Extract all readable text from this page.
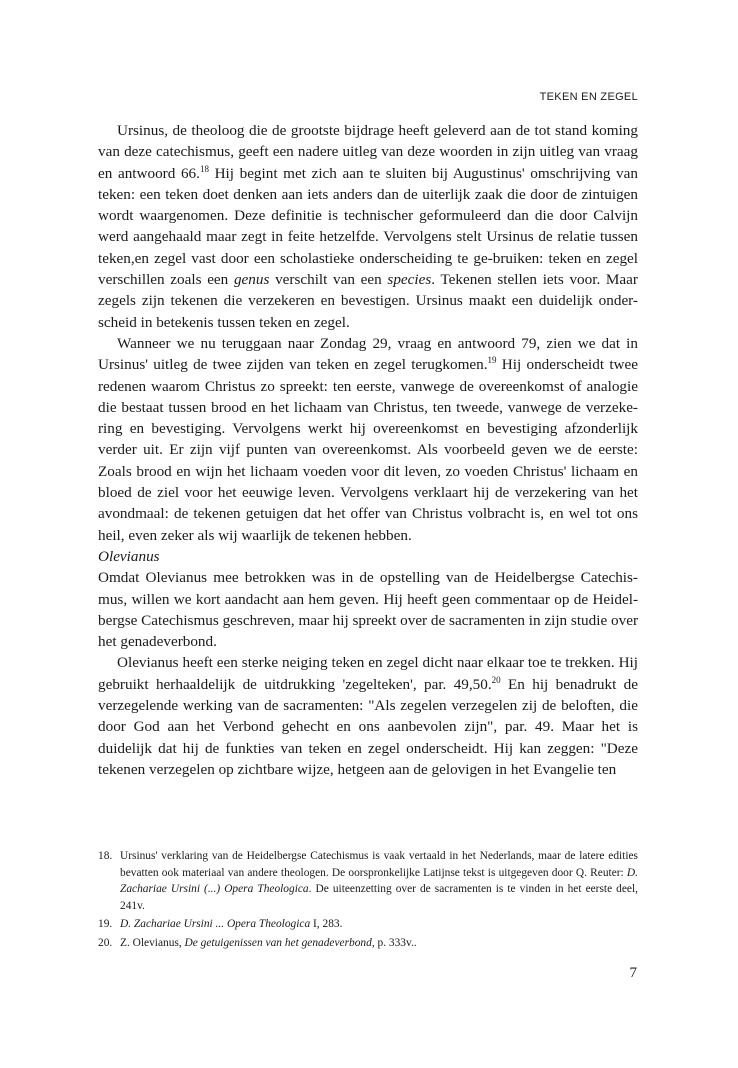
TEKEN EN ZEGEL

Ursinus, de theoloog die de grootste bijdrage heeft geleverd aan de tot stand koming van deze catechismus, geeft een nadere uitleg van deze woorden in zijn uitleg van vraag en antwoord 66.18 Hij begint met zich aan te sluiten bij Augustinus' omschrijving van teken: een teken doet denken aan iets anders dan de uiterlijk zaak die door de zintuigen wordt waargenomen. Deze definitie is technischer geformuleerd dan die door Calvijn werd aangehaald maar zegt in feite hetzelfde. Vervolgens stelt Ursinus de relatie tussen teken,en zegel vast door een scholastieke onderscheiding te ge-bruiken: teken en zegel verschillen zoals een genus verschilt van een species. Tekenen stellen iets voor. Maar zegels zijn tekenen die verzekeren en bevestigen. Ursinus maakt een duidelijk onder-scheid in betekenis tussen teken en zegel.

Wanneer we nu teruggaan naar Zondag 29, vraag en antwoord 79, zien we dat in Ursinus' uitleg de twee zijden van teken en zegel terugkomen.$^{19}$ Hij onderscheidt twee redenen waarom Christus zo spreekt: ten eerste, vanwege de overeenkomst of analogie die bestaat tussen brood en het lichaam van Christus, ten tweede, vanwege de verzeke-ring en bevestiging. Vervolgens werkt hij overeenkomst en bevestiging afzonderlijk verder uit. Er zijn vijf punten van overeenkomst. Als voorbeeld geven we de eerste: Zoals brood en wijn het lichaam voeden voor dit leven, zo voeden Christus' lichaam en bloed de ziel voor het eeuwige leven. Vervolgens verklaart hij de verzekering van het avondmaal: de tekenen getuigen dat het offer van Christus volbracht is, en wel tot ons heil, even zeker als wij waarlijk de tekenen hebben.

Olevianus

Omdat Olevianus mee betrokken was in de opstelling van de Heidelbergse Catechis-mus, willen we kort aandacht aan hem geven. Hij heeft geen commentaar op de Heidel-bergse Catechismus geschreven, maar hij spreekt over de sacramenten in zijn studie over het genadeverbond.

Olevianus heeft een sterke neiging teken en zegel dicht naar elkaar toe te trekken. Hij gebruikt herhaaldelijk de uitdrukking 'zegelteken', par. 49,50.20 En hij benadrukt de verzegelende werking van de sacramenten: "Als zegelen verzegelen zij de beloften, die door God aan het Verbond gehecht en ons aanbevolen zijn", par. 49. Maar het is duidelijk dat hij de funkties van teken en zegel onderscheidt. Hij kan zeggen: "Deze tekenen verzegelen op zichtbare wijze, hetgeen aan de gelovigen in het Evangelie ten

18. Ursinus' verklaring van de Heidelbergse Catechismus is vaak vertaald in het Nederlands, maar de latere edities bevatten ook materiaal van andere theologen. De oorspronkelijke Latijnse tekst is uitgegeven door Q. Reuter: D. Zachariae Ursini (...) Opera Theologica. De uiteenzetting over de sacramenten is te vinden in het eerste deel, 241v.
19. D. Zachariae Ursini ... Opera Theologica I, 283.
20. Z. Olevianus, De getuigenissen van het genadeverbond, p. 333v..
7
